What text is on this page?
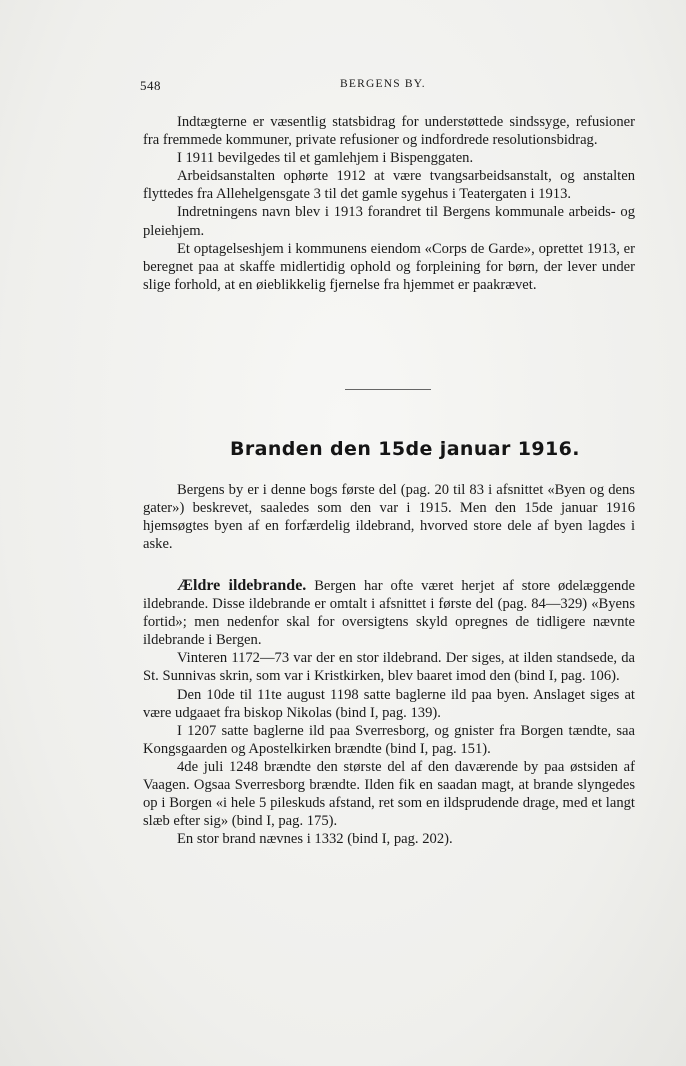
548	BERGENS BY.

Indtægterne er væsentlig statsbidrag for understøttede sindssyge, refusioner fra fremmede kommuner, private refusioner og indfordrede resolutionsbidrag.

I 1911 bevilgedes til et gamlehjem i Bispenggaten.

Arbeidsanstalten ophørte 1912 at være tvangsarbeidsanstalt, og anstalten flyttedes fra Allehelgensgate 3 til det gamle sygehus i Teatergaten i 1913.

Indretningens navn blev i 1913 forandret til Bergens kommunale arbeids- og pleiehjem.

Et optagelseshjem i kommunens eiendom «Corps de Garde», oprettet 1913, er beregnet paa at skaffe midlertidig ophold og forpleining for børn, der lever under slige forhold, at en øieblikkelig fjernelse fra hjemmet er paakrævet.

Branden den 15de januar 1916.

Bergens by er i denne bogs første del (pag. 20 til 83 i afsnittet «Byen og dens gater») beskrevet, saaledes som den var i 1915. Men den 15de januar 1916 hjemsøgtes byen af en forfærdelig ildebrand, hvorved store dele af byen lagdes i aske.

Ældre ildebrande. Bergen har ofte været herjet af store ødelæggende ildebrande. Disse ildebrande er omtalt i afsnittet i første del (pag. 84—329) «Byens fortid»; men nedenfor skal for oversigtens skyld opregnes de tidligere nævnte ildebrande i Bergen.

Vinteren 1172—73 var der en stor ildebrand. Der siges, at ilden standsede, da St. Sunnivas skrin, som var i Kristkirken, blev baaret imod den (bind I, pag. 106).

Den 10de til 11te august 1198 satte baglerne ild paa byen. Anslaget siges at være udgaaet fra biskop Nikolas (bind I, pag. 139).

I 1207 satte baglerne ild paa Sverresborg, og gnister fra Borgen tændte, saa Kongsgaarden og Apostelkirken brændte (bind I, pag. 151).

4de juli 1248 brændte den største del af den daværende by paa østsiden af Vaagen. Ogsaa Sverresborg brændte. Ilden fik en saadan magt, at brande slyngedes op i Borgen «i hele 5 pileskuds afstand, ret som en ildsprudende drage, med et langt slæb efter sig» (bind I, pag. 175).

En stor brand nævnes i 1332 (bind I, pag. 202).
